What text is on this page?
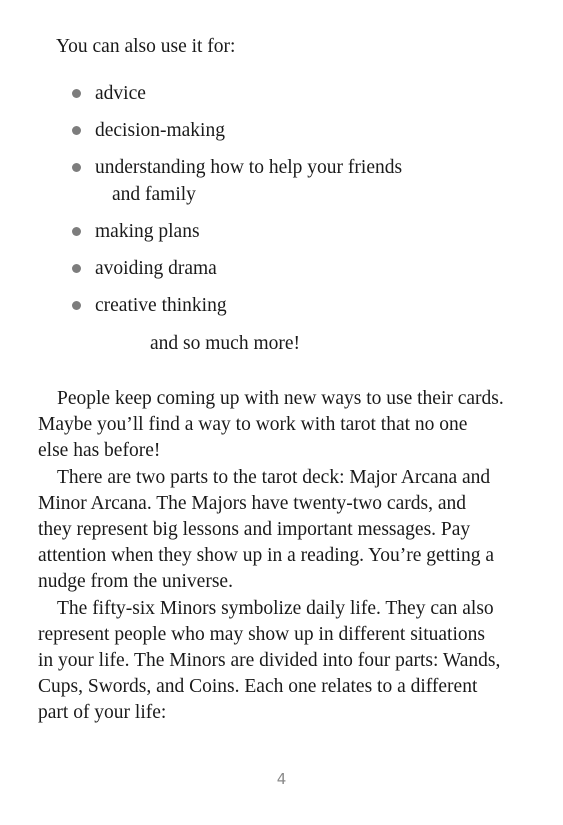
You can also use it for:

advice
decision-making
understanding how to help your friends
and family
making plans
avoiding drama
creative thinking

and so much more!

People keep coming up with new ways to use their cards.
Maybe you’ll find a way to work with tarot that no one
else has before!

There are two parts to the tarot deck: Major Arcana and
Minor Arcana. The Majors have twenty-two cards, and
they represent big lessons and important messages. Pay
attention when they show up in a reading. You’re getting a
nudge from the universe.

The fifty-six Minors symbolize daily life. They can also
represent people who may show up in different situations
in your life. The Minors are divided into four parts: Wands,
Cups, Swords, and Coins. Each one relates to a different
part of your life:

4
